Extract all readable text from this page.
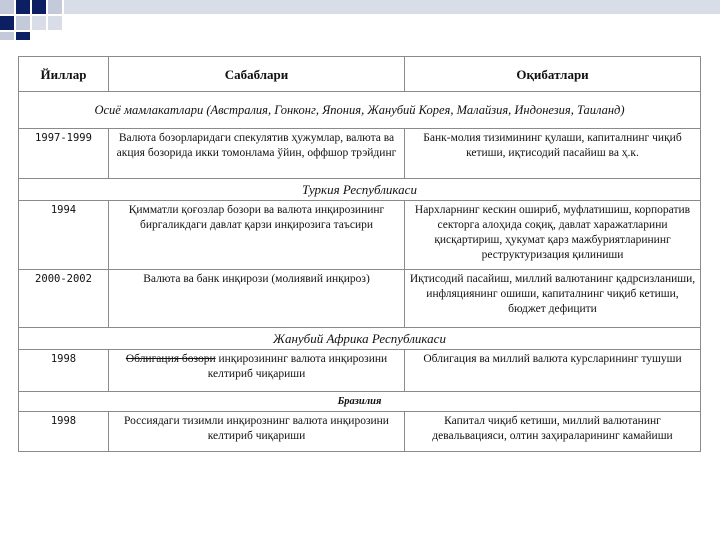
Йиллар	Сабаблари	Оқибатлари
Осиё мамлакатлари (Австралия, Гонконг, Япония, Жанубий Корея, Малайзия, Индонезия, Таиланд)		
1997-1999	Валюта бозорларидаги спекулятив ҳужумлар, валюта ва акция бозорида икки томонлама ўйин, оффшор трэйдинг	Банк-молия тизимининг қулаши, капиталнинг чиқиб кетиши, иқтисодий пасайиш ва ҳ.к.
Туркия Республикаси		
1994	Қимматли қоғозлар бозори ва валюта инқирозининг биргаликдаги давлат қарзи инқирозига таъсири	Нархларнинг кескин ошириб, муфлатишиш, корпоратив секторга алоҳида соқиқ, давлат харажатларини қисқартириш, ҳукумат қарз мажбуриятларининг реструктуризация қилиниши
2000-2002	Валюта ва банк инқирози (молиявий инқироз)	Иқтисодий пасайиш, миллий валютанинг қадрсизланиши, инфляциянинг ошиши, капиталнинг чиқиб кетиши, бюджет дефицити
Жанубий Африка Республикаси		
1998	Облигация бозори инқирозининг валюта инқирозини келтириб чиқариши	Облигация ва миллий валюта курсларининг тушуши
Бразилия		
1998	Россиядаги тизимли инқирознинг валюта инқирозини келтириб чиқариши	Капитал чиқиб кетиши, миллий валютанинг девальвацияси, олтин заҳираларининг камайиши
